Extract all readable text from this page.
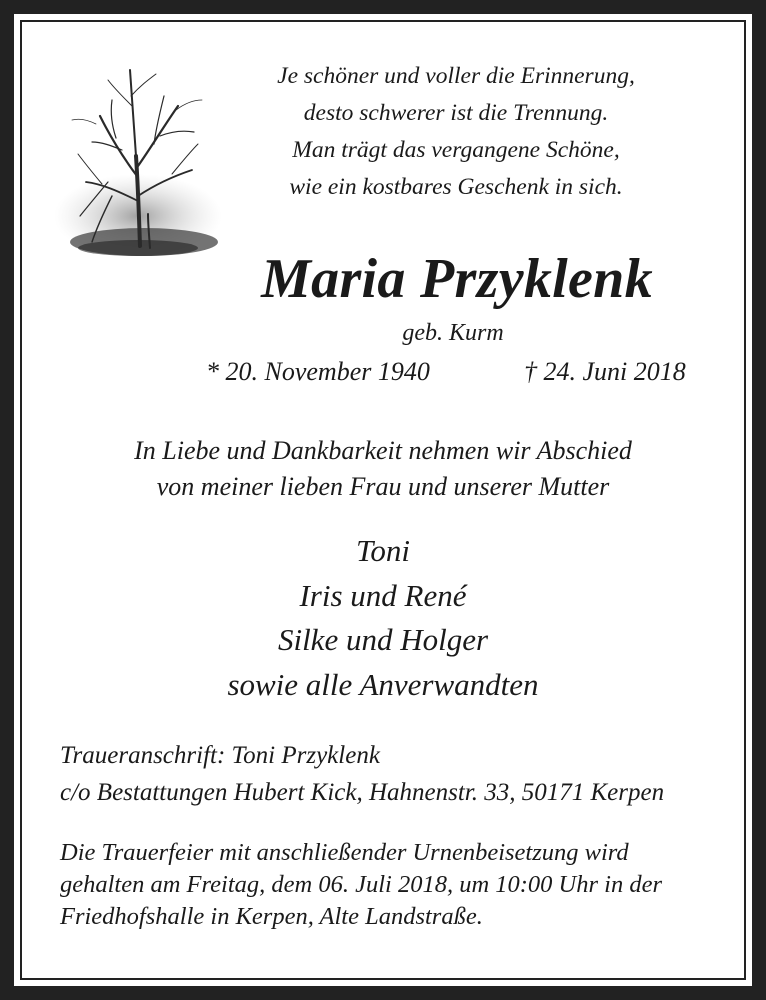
Je schöner und voller die Erinnerung,
desto schwerer ist die Trennung.
Man trägt das vergangene Schöne,
wie ein kostbares Geschenk in sich.
Maria Przyklenk
geb. Kurm
* 20. November 1940	† 24. Juni 2018
In Liebe und Dankbarkeit nehmen wir Abschied
von meiner lieben Frau und unserer Mutter
Toni
Iris und René
Silke und Holger
sowie alle Anverwandten
Traueranschrift: Toni Przyklenk
c/o Bestattungen Hubert Kick, Hahnenstr. 33, 50171 Kerpen
Die Trauerfeier mit anschließender Urnenbeisetzung wird
gehalten am Freitag, dem 06. Juli 2018, um 10:00 Uhr in der
Friedhofshalle in Kerpen, Alte Landstraße.
